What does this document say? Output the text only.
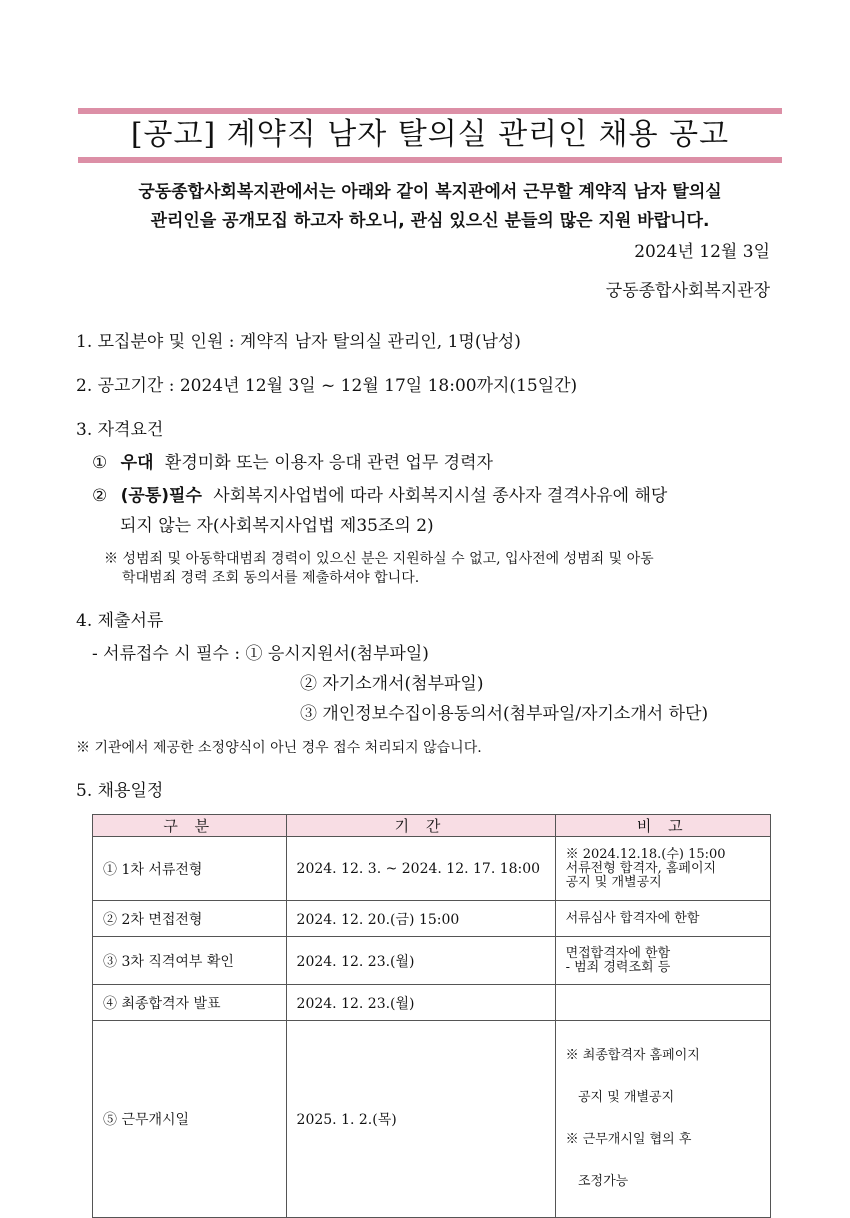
[공고] 계약직 남자 탈의실 관리인 채용 공고
궁동종합사회복지관에서는 아래와 같이 복지관에서 근무할 계약직 남자 탈의실
관리인을 공개모집 하고자 하오니, 관심 있으신 분들의 많은 지원 바랍니다.
2024년 12월 3일
궁동종합사회복지관장
1. 모집분야 및 인원 : 계약직 남자 탈의실 관리인, 1명(남성)
2. 공고기간 : 2024년 12월 3일 ~ 12월 17일 18:00까지(15일간)
3. 자격요건
① 우대 환경미화 또는 이용자 응대 관련 업무 경력자
② (공통)필수 사회복지사업법에 따라 사회복지시설 종사자 결격사유에 해당
되지 않는 자(사회복지사업법 제35조의 2)
※ 성범죄 및 아동학대범죄 경력이 있으신 분은 지원하실 수 없고, 입사전에 성범죄 및 아동
학대범죄 경력 조회 동의서를 제출하셔야 합니다.
4. 제출서류
- 서류접수 시 필수 : ① 응시지원서(첨부파일)
② 자기소개서(첨부파일)
③ 개인정보수집이용동의서(첨부파일/자기소개서 하단)
※ 기관에서 제공한 소정양식이 아닌 경우 접수 처리되지 않습니다.
5. 채용일정
구 분	기 간	비 고
① 1차 서류전형	2024. 12. 3. ~ 2024. 12. 17. 18:00	※ 2024.12.18.(수) 15:00
서류전형 합격자, 홈페이지
공지 및 개별공지

② 2차 면접전형	2024. 12. 20.(금) 15:00	서류심사 합격자에 한함

③ 3차 직격여부 확인	2024. 12. 23.(월)	면접합격자에 한함
- 범죄 경력조회 등

④ 최종합격자 발표	2024. 12. 23.(월)	

⑤ 근무개시일	2025. 1. 2.(목)	※ 최종합격자 홈페이지

공지 및 개별공지

※ 근무개시일 협의 후

조정가능
